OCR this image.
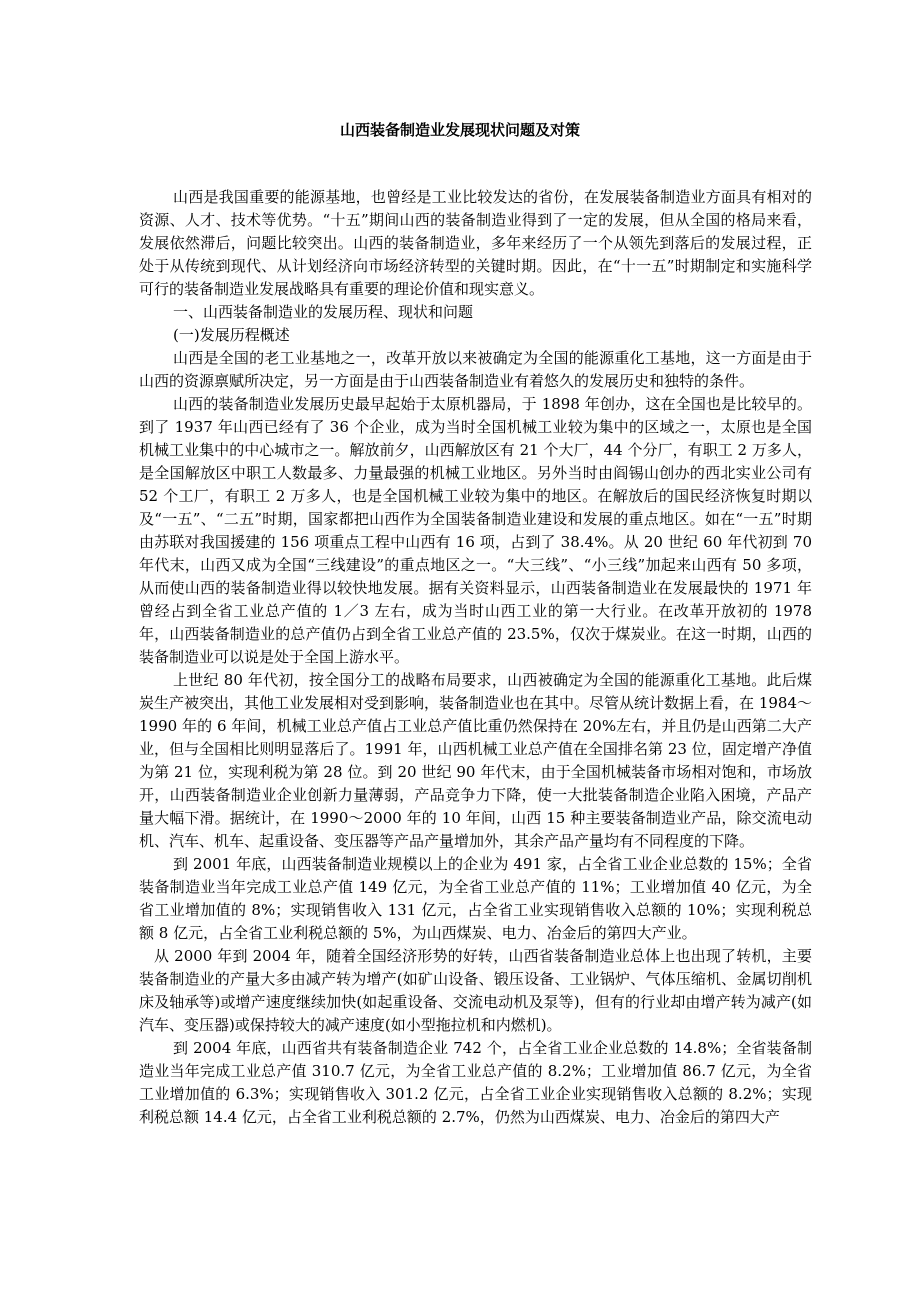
山西装备制造业发展现状问题及对策

山西是我国重要的能源基地，也曾经是工业比较发达的省份，在发展装备制造业方面具有相对的资源、人才、技术等优势。“十五”期间山西的装备制造业得到了一定的发展，但从全国的格局来看，发展依然滞后，问题比较突出。山西的装备制造业，多年来经历了一个从领先到落后的发展过程，正处于从传统到现代、从计划经济向市场经济转型的关键时期。因此，在“十一五”时期制定和实施科学可行的装备制造业发展战略具有重要的理论价值和现实意义。

一、山西装备制造业的发展历程、现状和问题

(一)发展历程概述

山西是全国的老工业基地之一，改革开放以来被确定为全国的能源重化工基地，这一方面是由于山西的资源禀赋所决定，另一方面是由于山西装备制造业有着悠久的发展历史和独特的条件。

山西的装备制造业发展历史最早起始于太原机器局，于 1898 年创办，这在全国也是比较早的。到了 1937 年山西已经有了 36 个企业，成为当时全国机械工业较为集中的区域之一，太原也是全国机械工业集中的中心城市之一。解放前夕，山西解放区有 21 个大厂，44 个分厂，有职工 2 万多人，是全国解放区中职工人数最多、力量最强的机械工业地区。另外当时由阎锡山创办的西北实业公司有 52 个工厂，有职工 2 万多人，也是全国机械工业较为集中的地区。在解放后的国民经济恢复时期以及“一五”、“二五”时期，国家都把山西作为全国装备制造业建设和发展的重点地区。如在“一五”时期由苏联对我国援建的 156 项重点工程中山西有 16 项，占到了 38.4%。从 20 世纪 60 年代初到 70 年代末，山西又成为全国“三线建设”的重点地区之一。“大三线”、“小三线”加起来山西有 50 多项，从而使山西的装备制造业得以较快地发展。据有关资料显示，山西装备制造业在发展最快的 1971 年曾经占到全省工业总产值的 1／3 左右，成为当时山西工业的第一大行业。在改革开放初的 1978 年，山西装备制造业的总产值仍占到全省工业总产值的 23.5%，仅次于煤炭业。在这一时期，山西的装备制造业可以说是处于全国上游水平。

上世纪 80 年代初，按全国分工的战略布局要求，山西被确定为全国的能源重化工基地。此后煤炭生产被突出，其他工业发展相对受到影响，装备制造业也在其中。尽管从统计数据上看，在 1984～1990 年的 6 年间，机械工业总产值占工业总产值比重仍然保持在 20%左右，并且仍是山西第二大产业，但与全国相比则明显落后了。1991 年，山西机械工业总产值在全国排名第 23 位，固定增产净值为第 21 位，实现利税为第 28 位。到 20 世纪 90 年代末，由于全国机械装备市场相对饱和，市场放开，山西装备制造业企业创新力量薄弱，产品竞争力下降，使一大批装备制造企业陷入困境，产品产量大幅下滑。据统计，在 1990～2000 年的 10 年间，山西 15 种主要装备制造业产品，除交流电动机、汽车、机车、起重设备、变压器等产品产量增加外，其余产品产量均有不同程度的下降。

到 2001 年底，山西装备制造业规模以上的企业为 491 家，占全省工业企业总数的 15%；全省装备制造业当年完成工业总产值 149 亿元，为全省工业总产值的 11%；工业增加值 40 亿元，为全省工业增加值的 8%；实现销售收入 131 亿元，占全省工业实现销售收入总额的 10%；实现利税总额 8 亿元，占全省工业利税总额的 5%，为山西煤炭、电力、冶金后的第四大产业。

从 2000 年到 2004 年，随着全国经济形势的好转，山西省装备制造业总体上也出现了转机，主要装备制造业的产量大多由减产转为增产(如矿山设备、锻压设备、工业锅炉、气体压缩机、金属切削机床及轴承等)或增产速度继续加快(如起重设备、交流电动机及泵等)，但有的行业却由增产转为减产(如汽车、变压器)或保持较大的减产速度(如小型拖拉机和内燃机)。

到 2004 年底，山西省共有装备制造企业 742 个，占全省工业企业总数的 14.8%；全省装备制造业当年完成工业总产值 310.7 亿元，为全省工业总产值的 8.2%；工业增加值 86.7 亿元，为全省工业增加值的 6.3%；实现销售收入 301.2 亿元，占全省工业企业实现销售收入总额的 8.2%；实现利税总额 14.4 亿元，占全省工业利税总额的 2.7%，仍然为山西煤炭、电力、冶金后的第四大产
